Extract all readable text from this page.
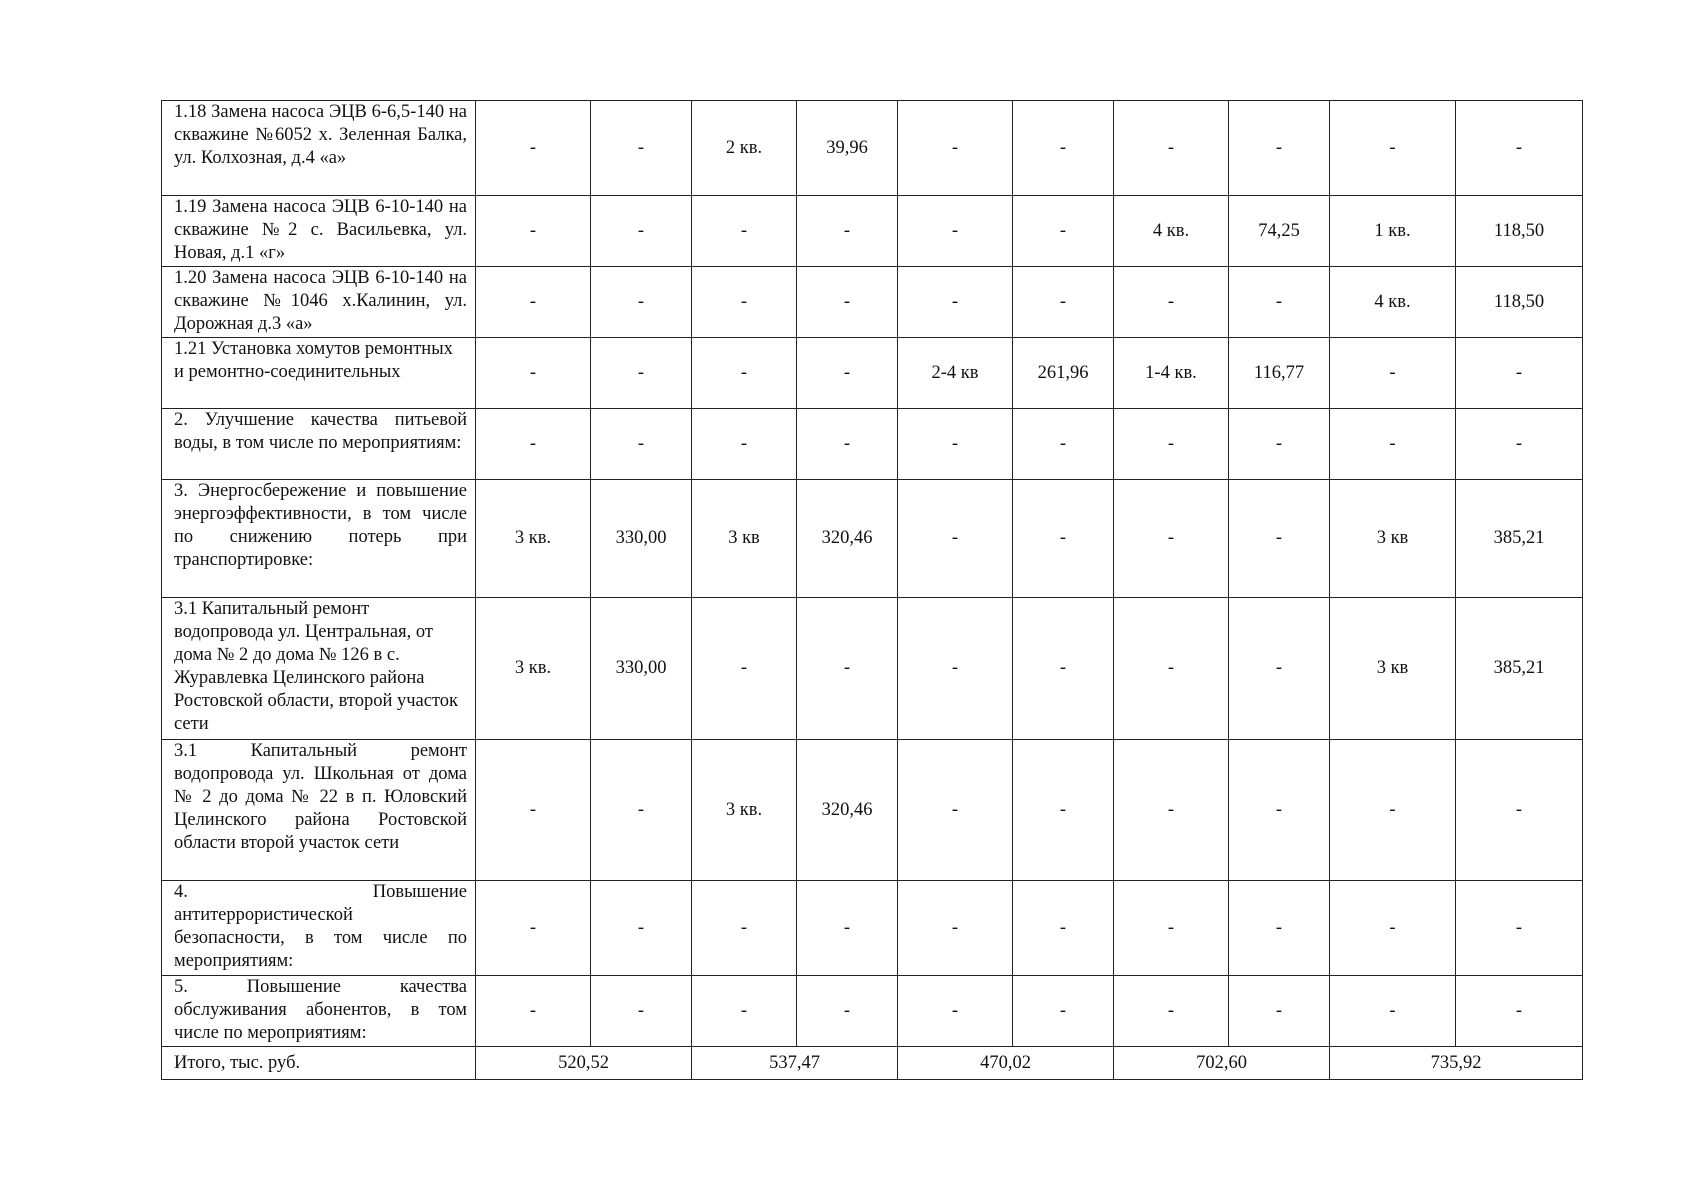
1.18 Замена насоса ЭЦВ 6-6,5-140 на скважине №6052 х. Зеленная Балка, ул. Колхозная, д.4 «а»	-	-	2 кв.	39,96	-	-	-	-	-	-
1.19 Замена насоса ЭЦВ 6-10-140 на скважине №2 с. Васильевка, ул. Новая, д.1 «г»	-	-	-	-	-	-	4 кв.	74,25	1 кв.	118,50
1.20 Замена насоса ЭЦВ 6-10-140 на скважине №1046 х.Калинин, ул. Дорожная д.3 «а»	-	-	-	-	-	-	-	-	4 кв.	118,50
1.21 Установка хомутов ремонтных и ремонтно-соединительных	-	-	-	-	2-4 кв	261,96	1-4 кв.	116,77	-	-
2. Улучшение качества питьевой воды, в том числе по мероприятиям:	-	-	-	-	-	-	-	-	-	-
3. Энергосбережение и повышение энергоэффективности, в том числе по снижению потерь при транспортировке:	3 кв.	330,00	3 кв	320,46	-	-	-	-	3 кв	385,21
3.1 Капитальный ремонт водопровода ул. Центральная, от дома № 2 до дома № 126 в с. Журавлевка Целинского района Ростовской области, второй участок сети	3 кв.	330,00	-	-	-	-	-	-	3 кв	385,21
3.1 Капитальный ремонт водопровода ул. Школьная от дома № 2 до дома № 22 в п. Юловский Целинского района Ростовской области второй участок сети	-	-	3 кв.	320,46	-	-	-	-	-	-
4. Повышение антитеррористической безопасности, в том числе по мероприятиям:	-	-	-	-	-	-	-	-	-	-
5. Повышение качества обслуживания абонентов, в том числе по мероприятиям:	-	-	-	-	-	-	-	-	-	-
Итого, тыс. руб.	520,52		537,47		470,02		702,60		735,92	
